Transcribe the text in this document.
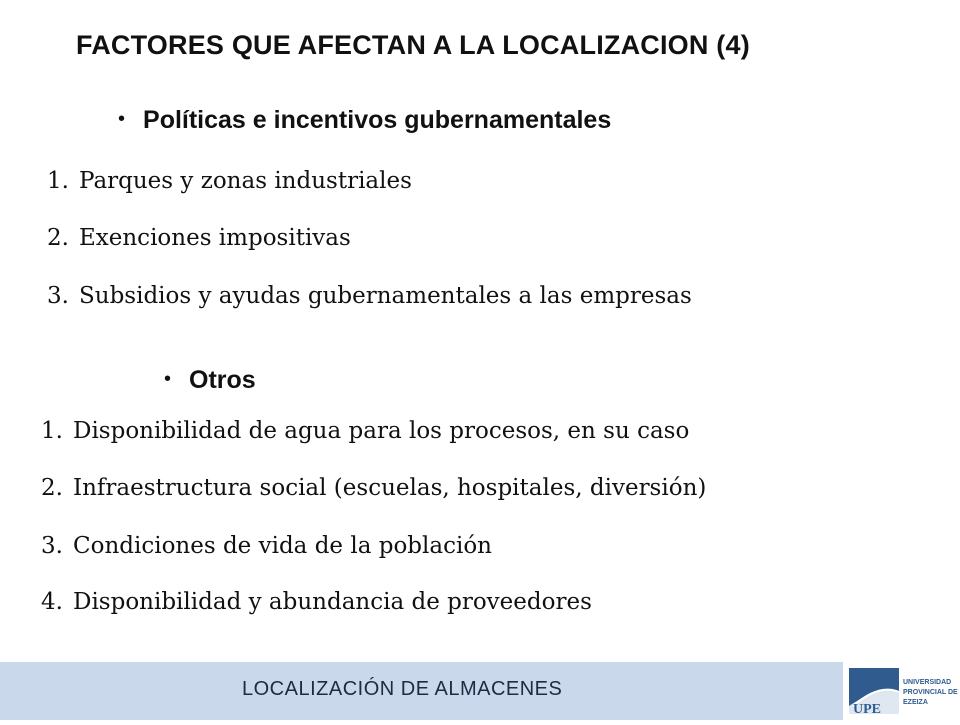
FACTORES QUE AFECTAN A LA LOCALIZACION (4)
• Políticas e incentivos gubernamentales
1. Parques y zonas industriales
2. Exenciones impositivas
3. Subsidios y ayudas gubernamentales a las empresas
• Otros
1. Disponibilidad de agua para los procesos, en su caso
2. Infraestructura social (escuelas, hospitales, diversión)
3. Condiciones de vida de la población
4. Disponibilidad y abundancia de proveedores
LOCALIZACIÓN DE ALMACENES
UPE
UNIVERSIDAD
PROVINCIAL DE
EZEIZA
